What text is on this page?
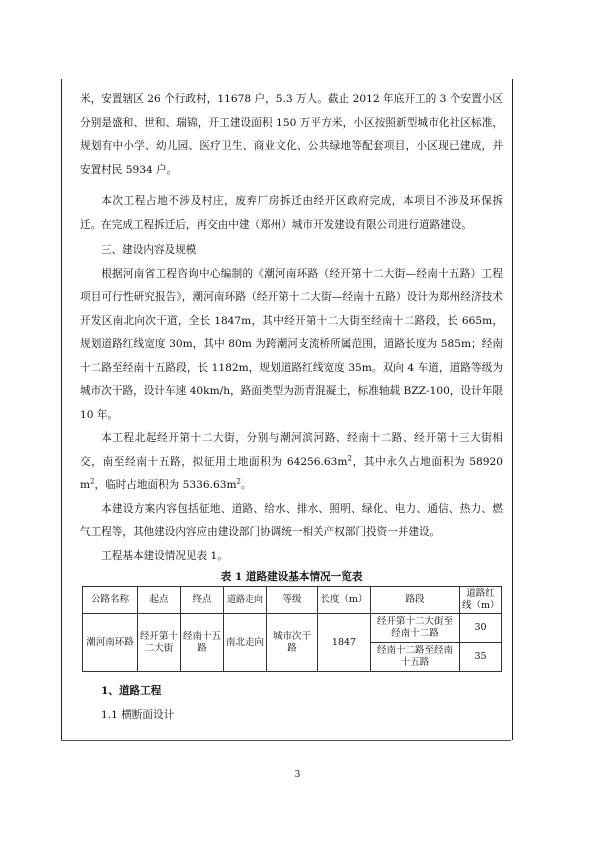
米，安置辖区 26 个行政村，11678 户，5.3 万人。截止 2012 年底开工的 3 个安置小区分别是盛和、世和、瑞锦，开工建设面积 150 万平方米，小区按照新型城市化社区标准，规划有中小学、幼儿园、医疗卫生、商业文化、公共绿地等配套项目，小区现已建成，并安置村民 5934 户。

本次工程占地不涉及村庄，废弃厂房拆迁由经开区政府完成，本项目不涉及环保拆迁。在完成工程拆迁后，再交由中建（郑州）城市开发建设有限公司进行道路建设。

三、建设内容及规模

根据河南省工程咨询中心编制的《潮河南环路（经开第十二大街—经南十五路）工程项目可行性研究报告》，潮河南环路（经开第十二大街—经南十五路）设计为郑州经济技术开发区南北向次干道，全长 1847m，其中经开第十二大街至经南十二路段，长 665m，规划道路红线宽度 30m，其中 80m 为跨潮河支流桥所属范围，道路长度为 585m；经南十二路至经南十五路段，长 1182m，规划道路红线宽度 35m。双向 4 车道，道路等级为城市次干路，设计车速 40km/h，路面类型为沥青混凝土，标准轴载 BZZ-100，设计年限 10 年。

本工程北起经开第十二大街，分别与潮河滨河路、经南十二路、经开第十三大街相交，南至经南十五路，拟征用土地面积为 $64256.63m^2$，其中永久占地面积为 58920 $m^2$，临时占地面积为 $5336.63m^2$。

本建设方案内容包括征地、道路、给水、排水、照明、绿化、电力、通信、热力、燃气工程等，其他建设内容应由建设部门协调统一相关产权部门投资一并建设。

工程基本建设情况见表 1。

表 1 道路建设基本情况一览表
公路名称	起点	终点	道路走向	等级	长度（m）	路段	道路红线（m）
潮河南环路	经开第十二大街	经南十五路	南北走向	城市次干路	1847	经开第十二大街至经南十二路	30
						经南十二路至经南十五路	35

1、道路工程

1.1 横断面设计

3
